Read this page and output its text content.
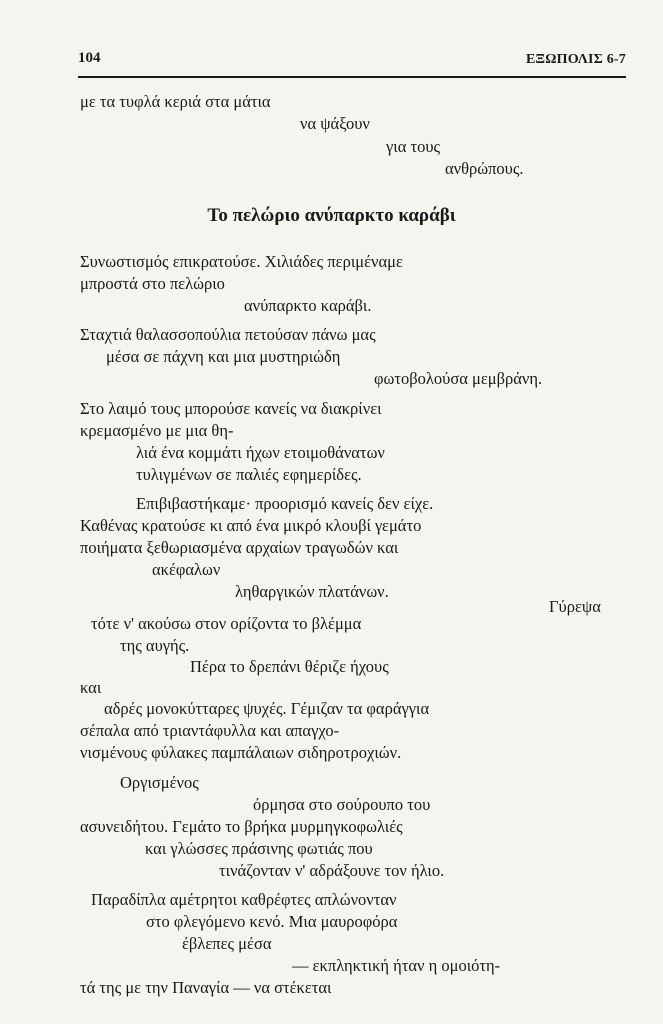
104	ΕΞΩΠΟΛΙΣ 6-7
με τα τυφλά κεριά στα μάτια
να ψάξουν
για τους
ανθρώπους.
Το πελώριο ανύπαρκτο καράβι
Συνωστισμός επικρατούσε. Χιλιάδες περιμέναμε
μπροστά στο πελώριο
ανύπαρκτο καράβι.
Σταχτιά θαλασσοπούλια πετούσαν πάνω μας
μέσα σε πάχνη και μια μυστηριώδη
φωτοβολούσα μεμβράνη.
Στο λαιμό τους μπορούσε κανείς να διακρίνει
κρεμασμένο με μια θη-
λιά ένα κομμάτι ήχων ετοιμοθάνατων
τυλιγμένων σε παλιές εφημερίδες.
Επιβιβαστήκαμε· προορισμό κανείς δεν είχε.
Καθένας κρατούσε κι από ένα μικρό κλουβί γεμάτο
ποιήματα ξεθωριασμένα αρχαίων τραγωδών και
ακέφαλων
ληθαργικών πλατάνων.
Γύρεψα
τότε ν' ακούσω στον ορίζοντα το βλέμμα
της αυγής.
Πέρα το δρεπάνι θέριζε ήχους
και
αδρές μονοκύτταρες ψυχές. Γέμιζαν τα φαράγγια
σέπαλα από τριαντάφυλλα και απαγχο-
νισμένους φύλακες παμπάλαιων σιδηροτροχιών.
Οργισμένος
όρμησα στο σούρουπο του
ασυνειδήτου. Γεμάτο το βρήκα μυρμηγκοφωλιές
και γλώσσες πράσινης φωτιάς που
τινάζονταν ν' αδράξουνε τον ήλιο.
Παραδίπλα αμέτρητοι καθρέφτες απλώνονταν
στο φλεγόμενο κενό. Μια μαυροφόρα
έβλεπες μέσα
— εκπληκτική ήταν η ομοιότη-
τά της με την Παναγία — να στέκεται
